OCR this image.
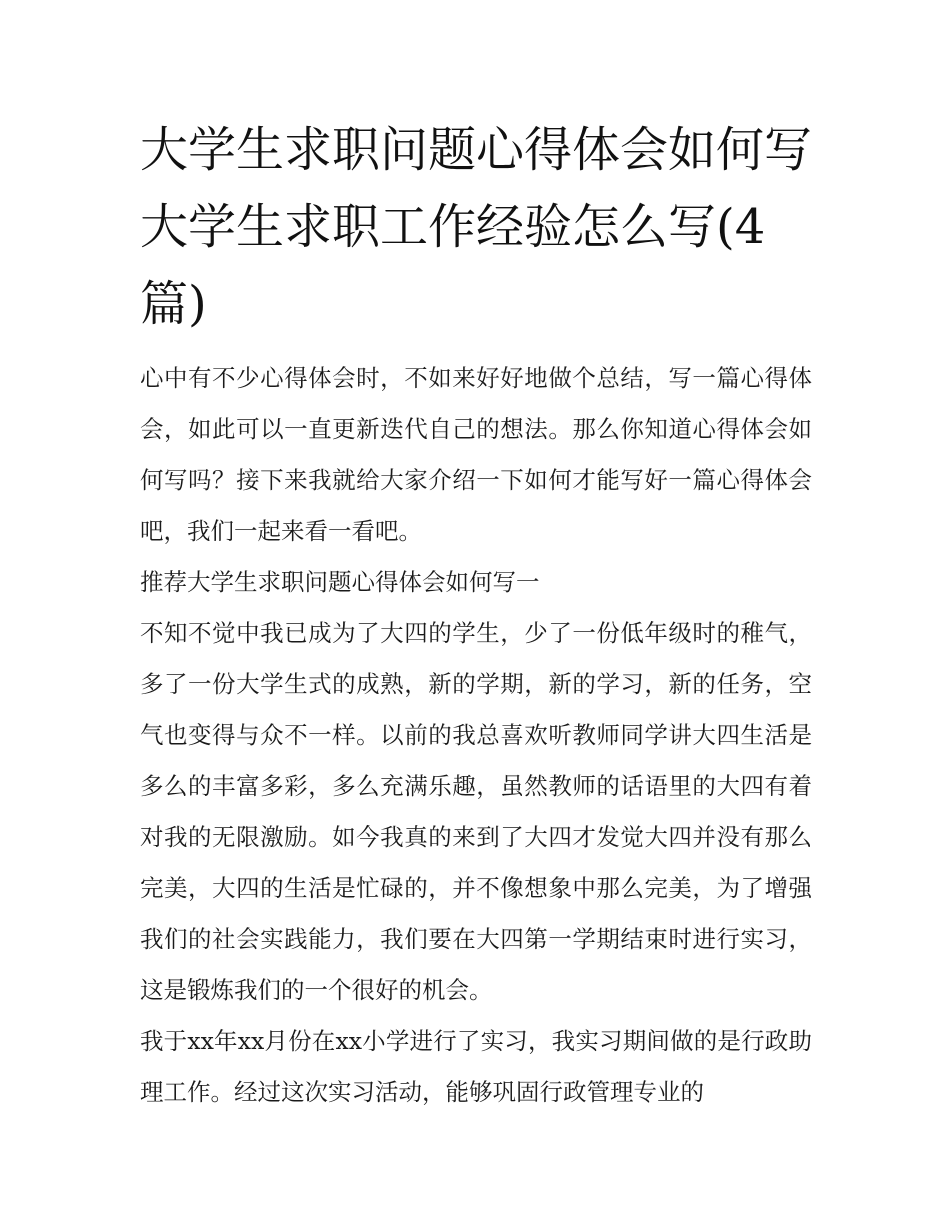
大学生求职问题心得体会如何写 大学生求职工作经验怎么写(4篇)

心中有不少心得体会时，不如来好好地做个总结，写一篇心得体会，如此可以一直更新迭代自己的想法。那么你知道心得体会如何写吗？接下来我就给大家介绍一下如何才能写好一篇心得体会吧，我们一起来看一看吧。

推荐大学生求职问题心得体会如何写一

不知不觉中我已成为了大四的学生，少了一份低年级时的稚气，多了一份大学生式的成熟，新的学期，新的学习，新的任务，空气也变得与众不一样。以前的我总喜欢听教师同学讲大四生活是多么的丰富多彩，多么充满乐趣，虽然教师的话语里的大四有着对我的无限激励。如今我真的来到了大四才发觉大四并没有那么完美，大四的生活是忙碌的，并不像想象中那么完美，为了增强我们的社会实践能力，我们要在大四第一学期结束时进行实习，这是锻炼我们的一个很好的机会。

我于xx年xx月份在xx小学进行了实习，我实习期间做的是行政助理工作。经过这次实习活动，能够巩固行政管理专业的
